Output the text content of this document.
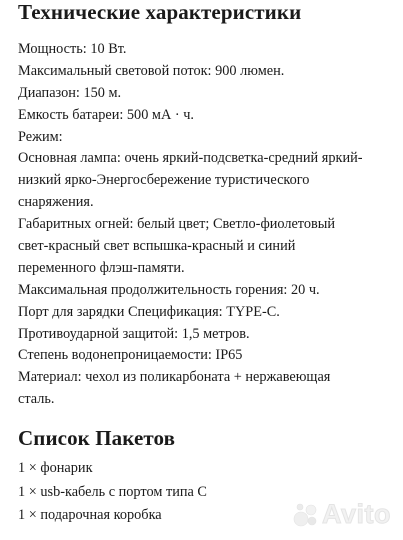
Технические характеристики
Мощность: 10 Вт.
Максимальный световой поток: 900 люмен.
Диапазон: 150 м.
Емкость батареи: 500 мА · ч.
Режим:
Основная лампа: очень яркий-подсветка-средний яркий-
низкий ярко-Энергосбережение туристического
снаряжения.
Габаритных огней: белый цвет; Светло-фиолетовый
свет-красный свет вспышка-красный и синий
переменного флэш-памяти.
Максимальная продолжительность горения: 20 ч.
Порт для зарядки Спецификация: TYPE-C.
Противоударной защитой: 1,5 метров.
Степень водонепроницаемости: IP65
Материал: чехол из поликарбоната + нержавеющая
сталь.
Список Пакетов
1 × фонарик
1 × usb-кабель с портом типа C
1 × подарочная коробка	Avito
